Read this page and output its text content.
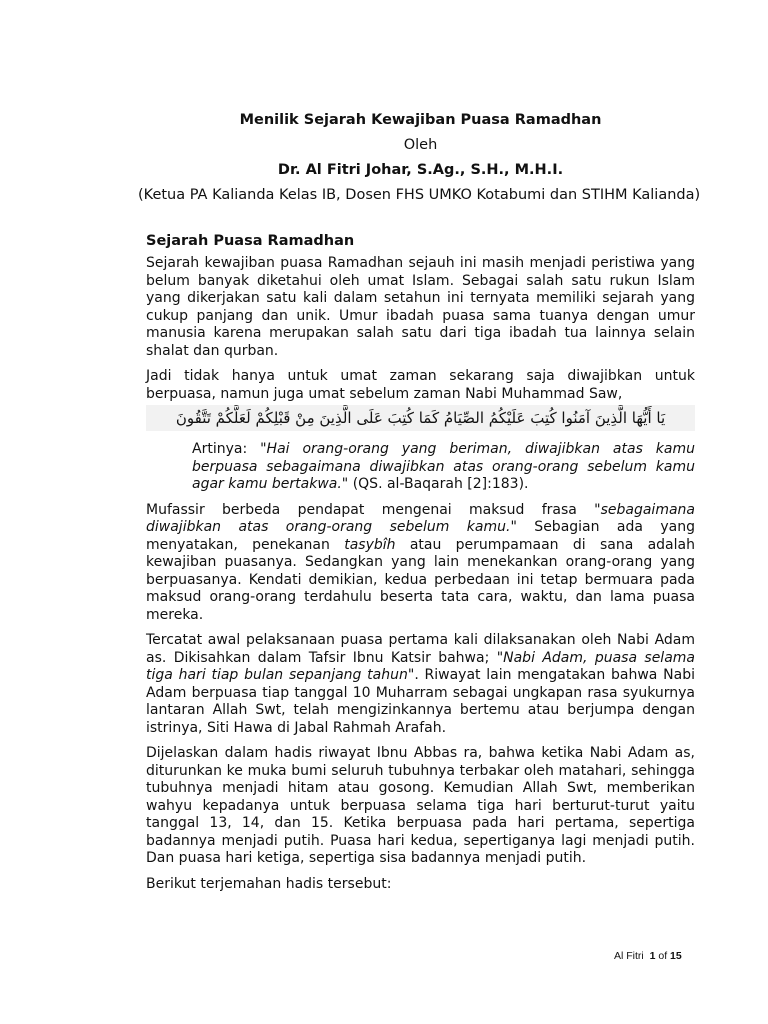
Menilik Sejarah Kewajiban Puasa Ramadhan
Oleh
Dr. Al Fitri Johar, S.Ag., S.H., M.H.I.
(Ketua PA Kalianda Kelas IB, Dosen FHS UMKO Kotabumi dan STIHM Kalianda)
Sejarah Puasa Ramadhan

Sejarah kewajiban puasa Ramadhan sejauh ini masih menjadi peristiwa yang belum banyak diketahui oleh umat Islam. Sebagai salah satu rukun Islam yang dikerjakan satu kali dalam setahun ini ternyata memiliki sejarah yang cukup panjang dan unik. Umur ibadah puasa sama tuanya dengan umur manusia karena merupakan salah satu dari tiga ibadah tua lainnya selain shalat dan qurban.

Jadi tidak hanya untuk umat zaman sekarang saja diwajibkan untuk berpuasa, namun juga umat sebelum zaman Nabi Muhammad Saw,

يَا أَيُّهَا الَّذِينَ آمَنُوا كُتِبَ عَلَيْكُمُ الصِّيَامُ كَمَا كُتِبَ عَلَى الَّذِينَ مِنْ قَبْلِكُمْ لَعَلَّكُمْ تَتَّقُونَ
Artinya: "Hai orang-orang yang beriman, diwajibkan atas kamu berpuasa sebagaimana diwajibkan atas orang-orang sebelum kamu agar kamu bertakwa." (QS. al-Baqarah [2]:183).

Mufassir berbeda pendapat mengenai maksud frasa "sebagaimana diwajibkan atas orang-orang sebelum kamu." Sebagian ada yang menyatakan, penekanan tasybîh atau perumpamaan di sana adalah kewajiban puasanya. Sedangkan yang lain menekankan orang-orang yang berpuasanya. Kendati demikian, kedua perbedaan ini tetap bermuara pada maksud orang-orang terdahulu beserta tata cara, waktu, dan lama puasa mereka.

Tercatat awal pelaksanaan puasa pertama kali dilaksanakan oleh Nabi Adam as. Dikisahkan dalam Tafsir Ibnu Katsir bahwa; "Nabi Adam, puasa selama tiga hari tiap bulan sepanjang tahun". Riwayat lain mengatakan bahwa Nabi Adam berpuasa tiap tanggal 10 Muharram sebagai ungkapan rasa syukurnya lantaran Allah Swt, telah mengizinkannya bertemu atau berjumpa dengan istrinya, Siti Hawa di Jabal Rahmah Arafah.

Dijelaskan dalam hadis riwayat Ibnu Abbas ra, bahwa ketika Nabi Adam as, diturunkan ke muka bumi seluruh tubuhnya terbakar oleh matahari, sehingga tubuhnya menjadi hitam atau gosong. Kemudian Allah Swt, memberikan wahyu kepadanya untuk berpuasa selama tiga hari berturut-turut yaitu tanggal 13, 14, dan 15. Ketika berpuasa pada hari pertama, sepertiga badannya menjadi putih. Puasa hari kedua, sepertiganya lagi menjadi putih. Dan puasa hari ketiga, sepertiga sisa badannya menjadi putih.

Berikut terjemahan hadis tersebut:

Al Fitri 1 of 15
